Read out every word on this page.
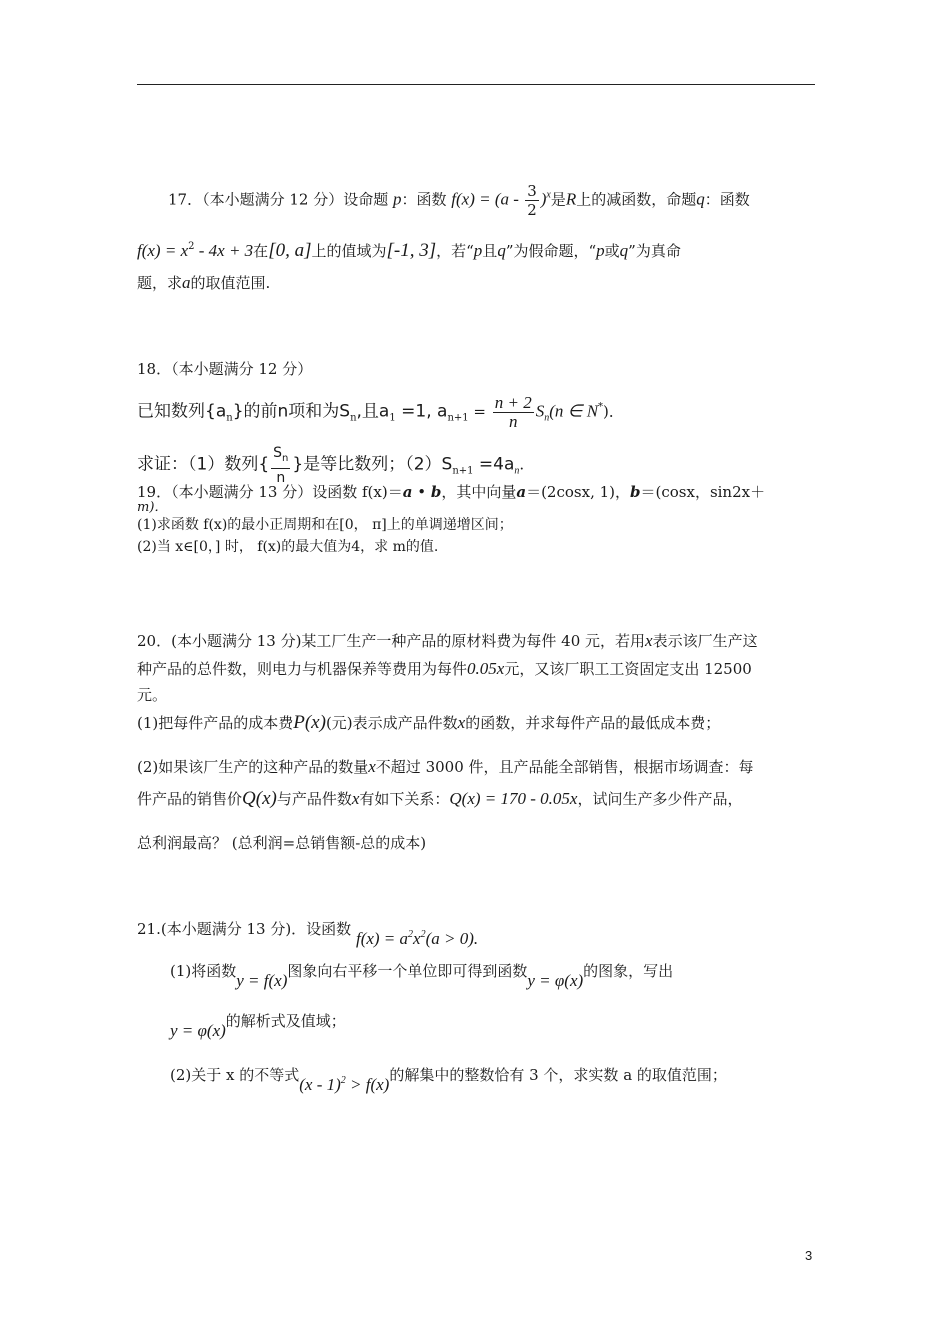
17．（本小题满分 12 分）设命题 p：函数 $f(x) = (a - \frac{3}{2} )^x$是R上的减函数，命题q：函数
$f(x) = x^2 - 4x + 3$在[0, a]上的值域为[-1, 3]，若“p且q”为假命题，“p或q”为真命
题，求a的取值范围.
18．（本小题满分 12 分）
已知数列$\{a_n\}$的前n项和为$S_n$,且$a_1 =1$, $a_{n+1} = \frac{n + 2}{n} S_n(n$ ∈ N*)．
求证：（1）数列{ $\frac{S_n}{n}$ }是等比数列；$(2)S_{n+1} =4a_n$.
19．（本小题满分 13 分）设函数 f(x)＝a • b，其中向量a＝(2cosx, 1)，b＝(cosx，sin2x＋
m)．
(1)求函数 f(x)的最小正周期和在[0， π]上的单调递增区间；
(2)当 x∈[0，] 时， f(x)的最大值为4，求 m的值.
20．(本小题满分 13 分)某工厂生产一种产品的原材料费为每件 40 元，若用x表示该厂生产这
种产品的总件数，则电力与机器保养等费用为每件0.05x元，又该厂职工工资固定支出 12500
元。
(1)把每件产品的成本费P(x)(元)表示成产品件数x的函数，并求每件产品的最低成本费；
(2)如果该厂生产的这种产品的数量x不超过 3000 件，且产品能全部销售，根据市场调查：每
件产品的销售价Q(x)与产品件数x有如下关系：Q(x) = 170 - 0.05x，试问生产多少件产品，
总利润最高？ (总利润=总销售额-总的成本)
21.(本小题满分 13 分)．设函数 $f(x) = a^2x^2(a > 0)$.
(1)将函数y = f(x)图象向右平移一个单位即可得到函数y = φ(x)的图象，写出
y = φ(x)的解析式及值域；
(2)关于 x 的不等式(x - 1)$^2$ > f(x)的解集中的整数恰有 3 个，求实数 a 的取值范围；
3
